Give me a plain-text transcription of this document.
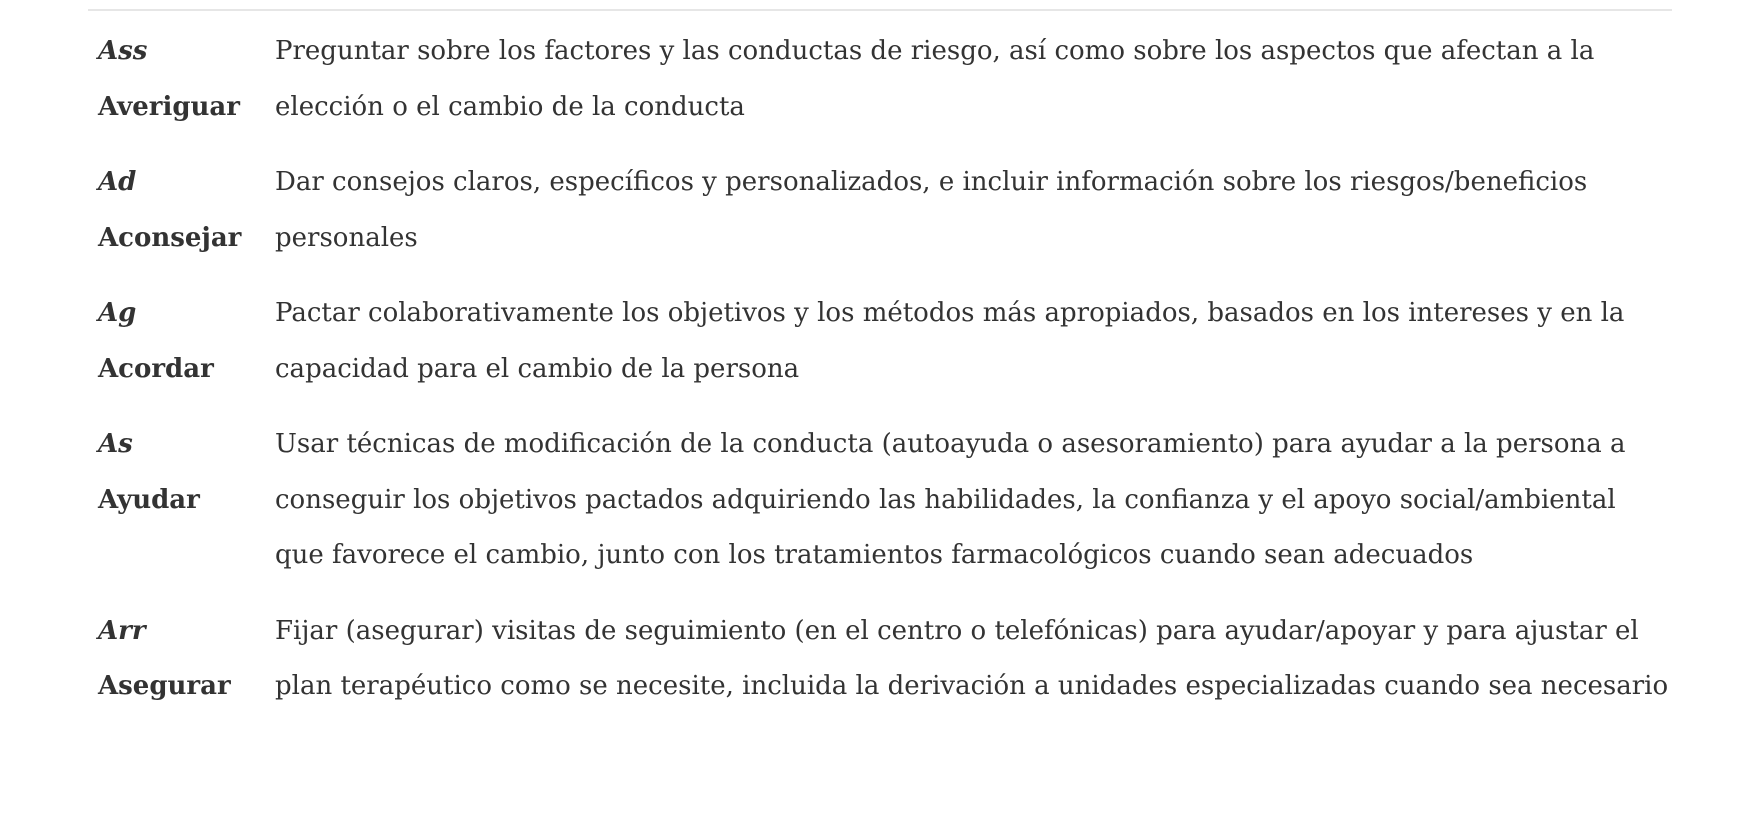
Ass
Averiguar	Preguntar sobre los factores y las conductas de riesgo, así como sobre los aspectos que afectan a la elección o el cambio de la conducta

Ad
Aconsejar	Dar consejos claros, específicos y personalizados, e incluir información sobre los riesgos/beneficios personales

Ag
Acordar	Pactar colaborativamente los objetivos y los métodos más apropiados, basados en los intereses y en la capacidad para el cambio de la persona

As
Ayudar	Usar técnicas de modificación de la conducta (autoayuda o asesoramiento) para ayudar a la persona a conseguir los objetivos pactados adquiriendo las habilidades, la confianza y el apoyo social/ambiental que favorece el cambio, junto con los tratamientos farmacológicos cuando sean adecuados

Arr
Asegurar	Fijar (asegurar) visitas de seguimiento (en el centro o telefónicas) para ayudar/apoyar y para ajustar el plan terapéutico como se necesite, incluida la derivación a unidades especializadas cuando sea necesario
